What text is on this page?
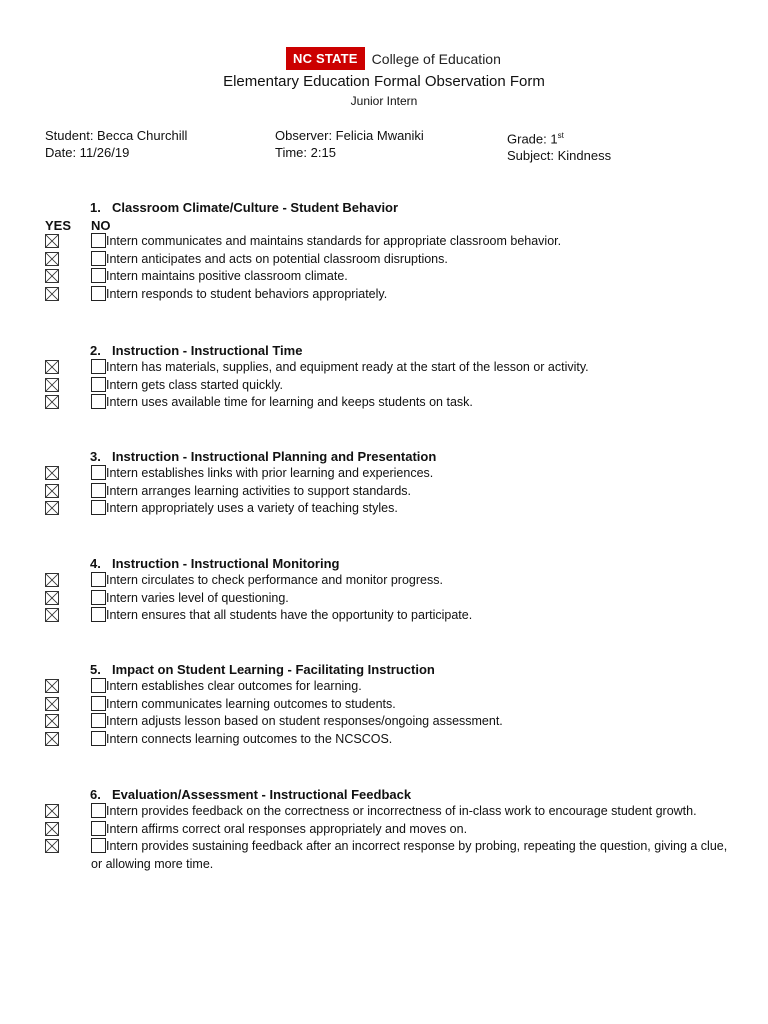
NC STATE	College of Education
Elementary Education Formal Observation Form
Junior Intern
Student: Becca Churchill
Date: 11/26/19
Observer: Felicia Mwaniki
Time: 2:15
Grade: 1st
Subject: Kindness
YES NO
1. Classroom Climate/Culture - Student Behavior
Intern communicates and maintains standards for appropriate classroom behavior.
Intern anticipates and acts on potential classroom disruptions.
Intern maintains positive classroom climate.
Intern responds to student behaviors appropriately.
2. Instruction - Instructional Time
Intern has materials, supplies, and equipment ready at the start of the lesson or activity.
Intern gets class started quickly.
Intern uses available time for learning and keeps students on task.
3. Instruction - Instructional Planning and Presentation
Intern establishes links with prior learning and experiences.
Intern arranges learning activities to support standards.
Intern appropriately uses a variety of teaching styles.
4. Instruction - Instructional Monitoring
Intern circulates to check performance and monitor progress.
Intern varies level of questioning.
Intern ensures that all students have the opportunity to participate.
5. Impact on Student Learning - Facilitating Instruction
Intern establishes clear outcomes for learning.
Intern communicates learning outcomes to students.
Intern adjusts lesson based on student responses/ongoing assessment.
Intern connects learning outcomes to the NCSCOS.
6. Evaluation/Assessment - Instructional Feedback
Intern provides feedback on the correctness or incorrectness of in-class work to encourage student growth.
Intern affirms correct oral responses appropriately and moves on.
Intern provides sustaining feedback after an incorrect response by probing, repeating the question, giving a clue,
or allowing more time.
